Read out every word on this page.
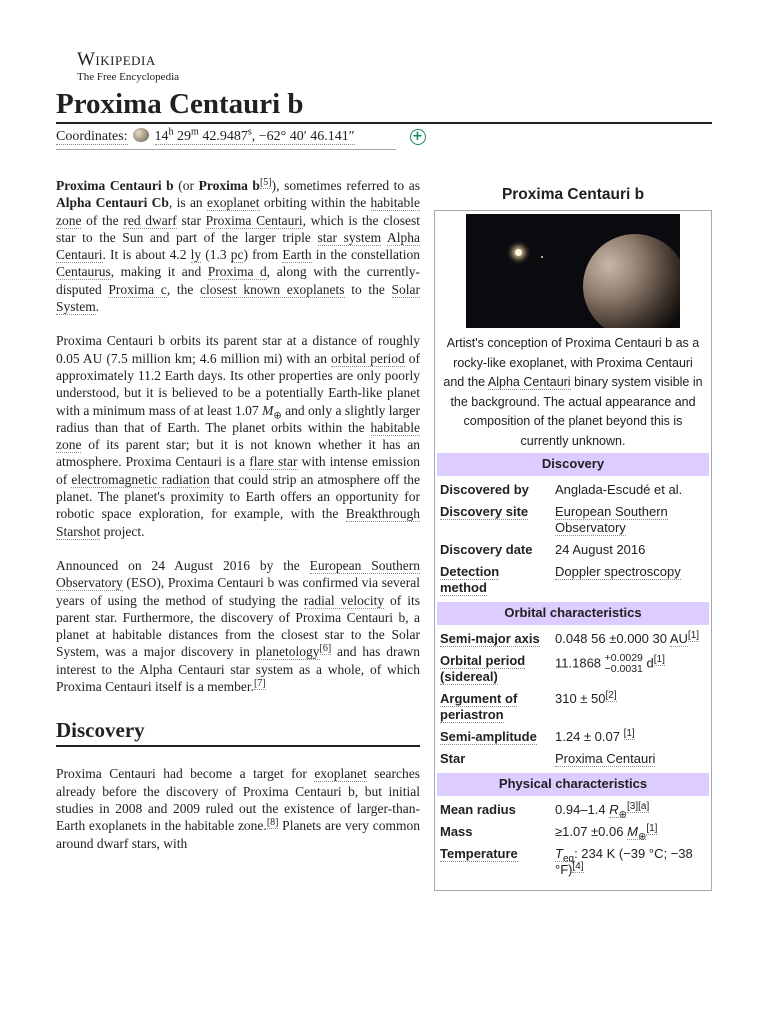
Wikipedia
The Free Encyclopedia
Proxima Centauri b
Coordinates: 14$^h$ 29$^m$ $42.9487^s$, −62° 40′ 46.141″	+

Proxima Centauri b (or Proxima b[5]), sometimes referred to as Alpha Centauri Cb, is an exoplanet orbiting within the habitable zone of the red dwarf star Proxima Centauri, which is the closest star to the Sun and part of the larger triple star system Alpha Centauri. It is about 4.2 ly (1.3 pc) from Earth in the constellation Centaurus, making it and Proxima d, along with the currently-disputed Proxima c, the closest known exoplanets to the Solar System.

Proxima Centauri b orbits its parent star at a distance of roughly 0.05 AU (7.5 million km; 4.6 million mi) with an orbital period of approximately 11.2 Earth days. Its other properties are only poorly understood, but it is believed to be a potentially Earth-like planet with a minimum mass of at least 1.07 $M_\oplus$ and only a slightly larger radius than that of Earth. The planet orbits within the habitable zone of its parent star; but it is not known whether it has an atmosphere. Proxima Centauri is a flare star with intense emission of electromagnetic radiation that could strip an atmosphere off the planet. The planet's proximity to Earth offers an opportunity for robotic space exploration, for example, with the Breakthrough Starshot project.

Announced on 24 August 2016 by the European Southern Observatory (ESO), Proxima Centauri b was confirmed via several years of using the method of studying the radial velocity of its parent star. Furthermore, the discovery of Proxima Centauri b, a planet at habitable distances from the closest star to the Solar System, was a major discovery in planetology[6] and has drawn interest to the Alpha Centauri star system as a whole, of which Proxima Centauri itself is a member.[7]

Discovery

Proxima Centauri had become a target for exoplanet searches already before the discovery of Proxima Centauri b, but initial studies in 2008 and 2009 ruled out the existence of larger-than-Earth exoplanets in the habitable zone.[8] Planets are very common around dwarf stars, with

Proxima Centauri b
Artist's conception of Proxima Centauri b as a rocky-like exoplanet, with Proxima Centauri and the Alpha Centauri binary system visible in the background. The actual appearance and composition of the planet beyond this is currently unknown.
Discovery
Discovered by	Anglada-Escudé et al.
Discovery site	European Southern Observatory
Discovery date	24 August 2016
Detection method	Doppler spectroscopy
Orbital characteristics
Semi-major axis	0.048 56 ±0.000 30 AU[1]
Orbital period (sidereal)	11.1868 +0.0029
−0.0031 d[1]
Argument of periastron	310 ± 50[2]
Semi-amplitude	1.24 ± 0.07 [1]
Star	Proxima Centauri
Physical characteristics
Mean radius	0.94–1.4 $R_\oplus[3][a]$
Mass	≥1.07 ±0.06 $M_\oplus[1]$
Temperature	$T_{eq}$: 234 K (−39 °C; −38 °F)[4]
